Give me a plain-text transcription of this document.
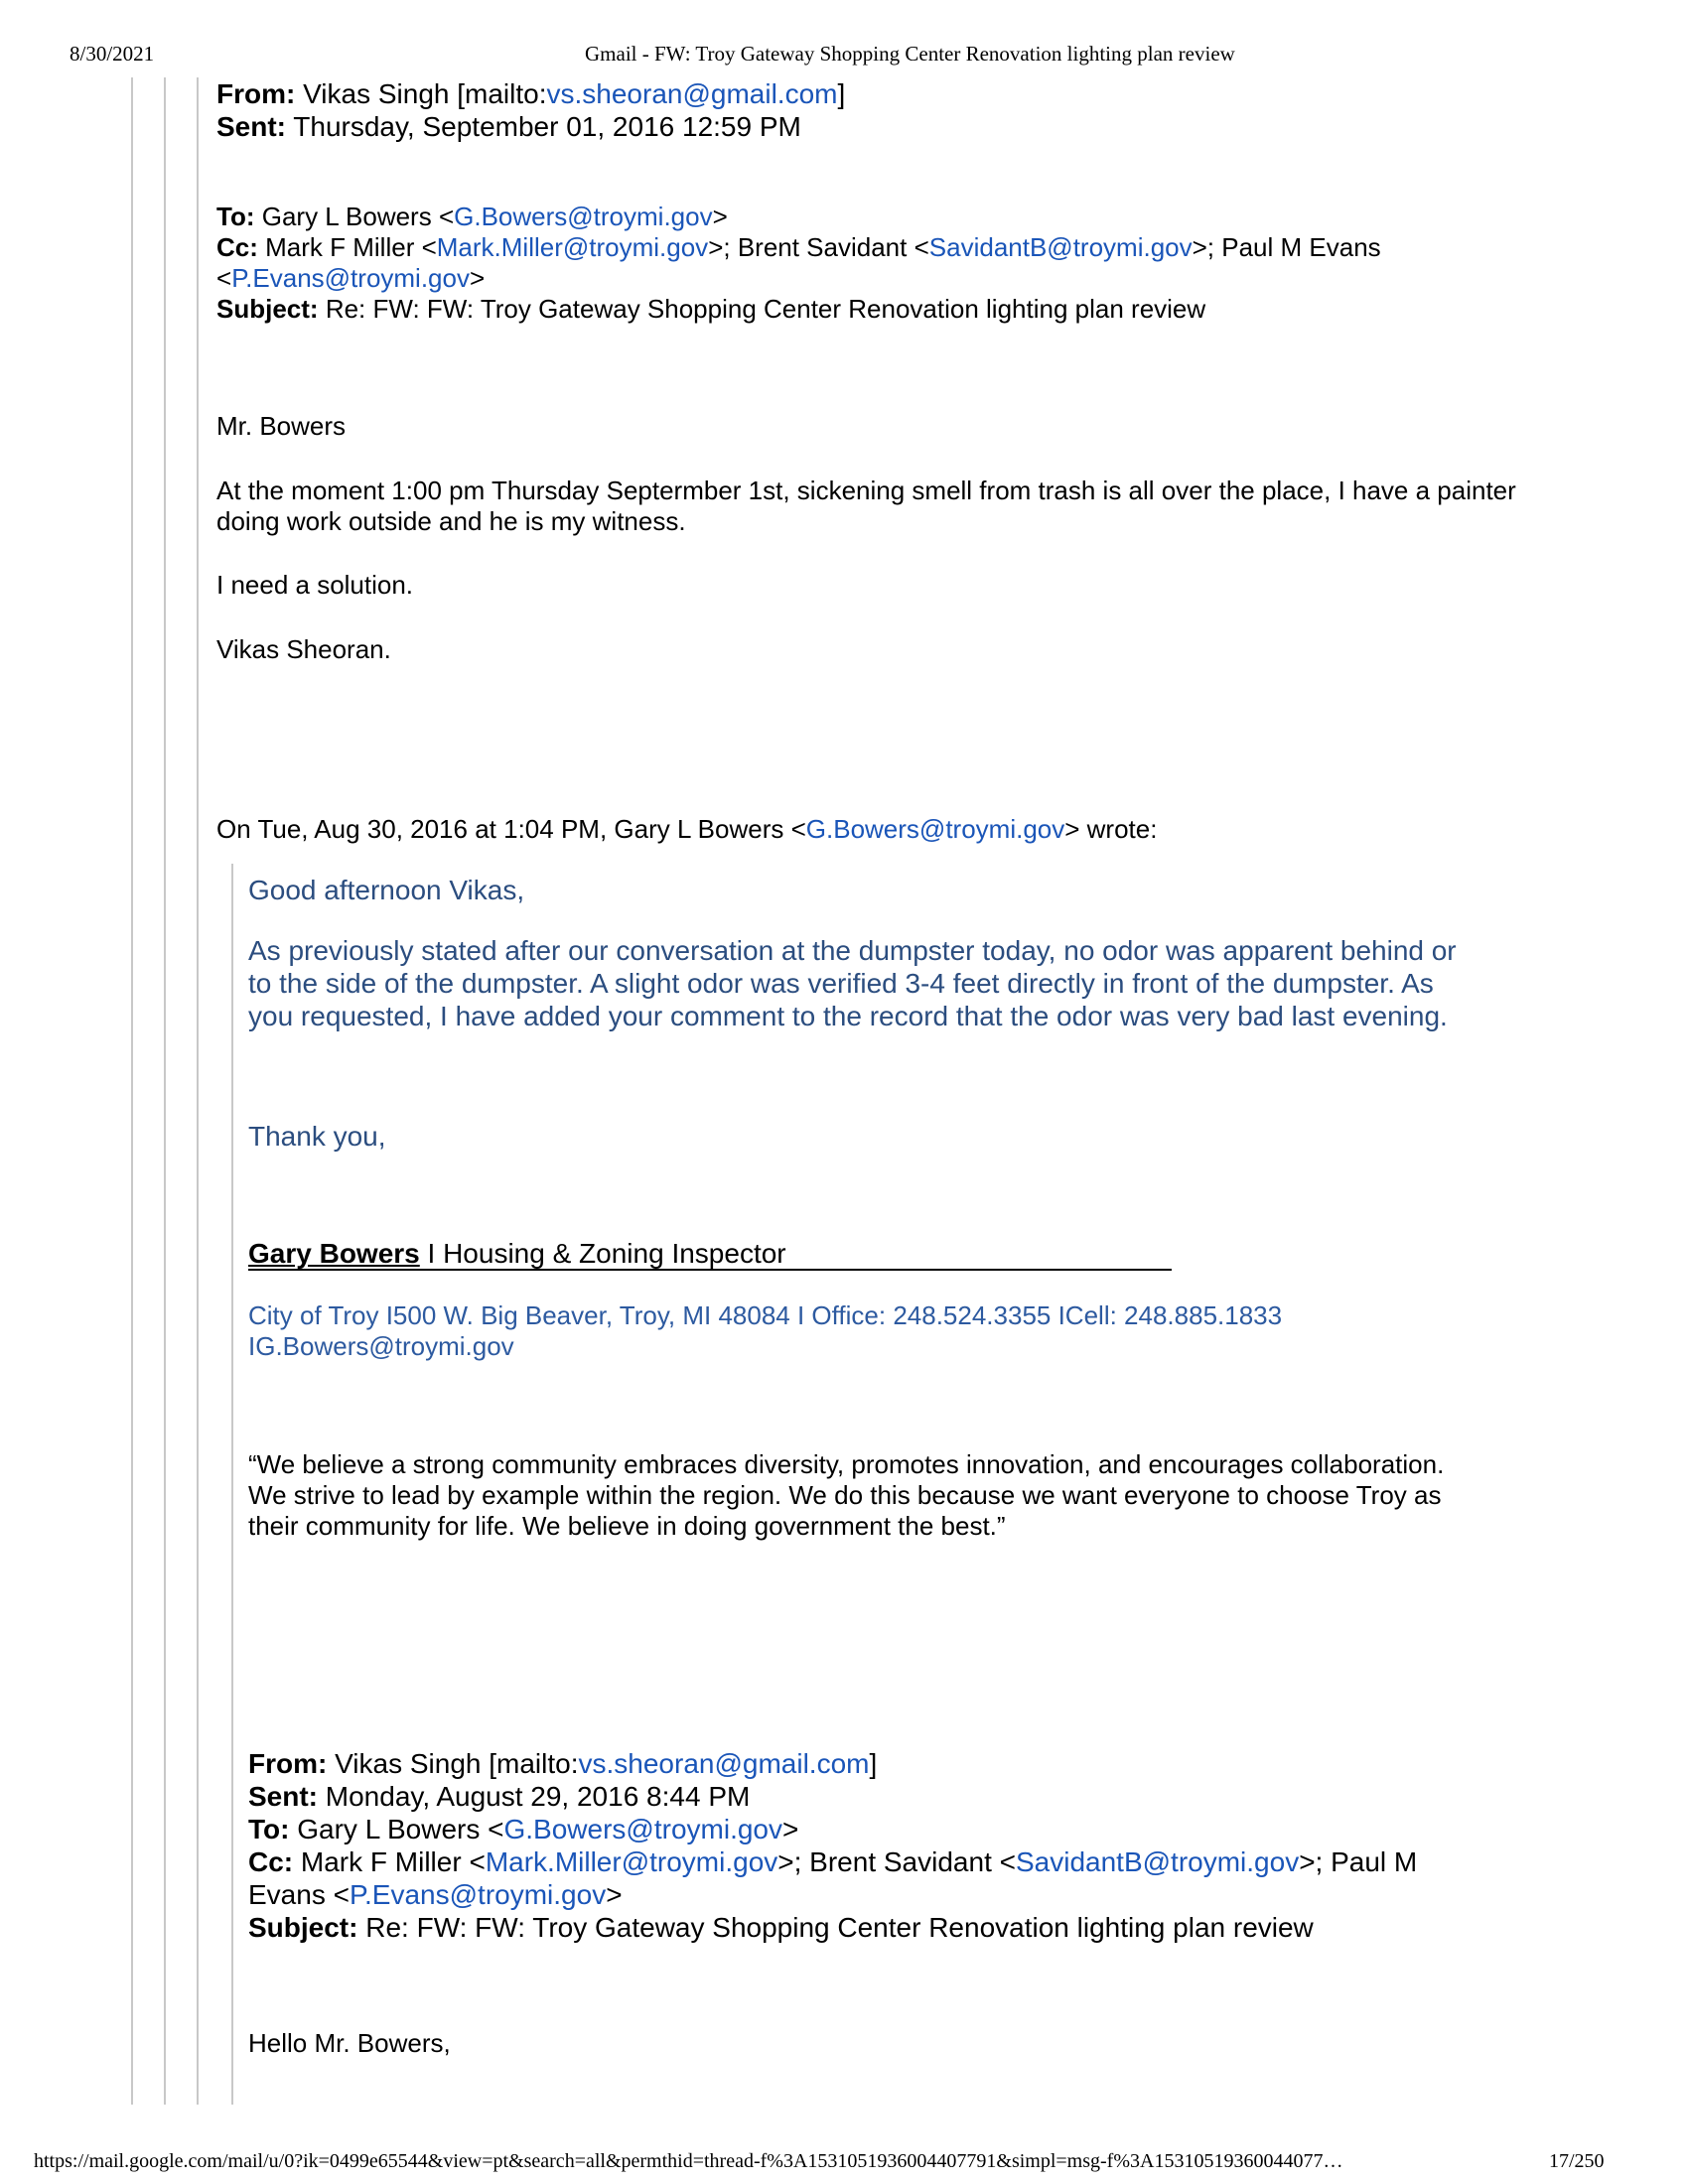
8/30/2021	Gmail - FW: Troy Gateway Shopping Center Renovation lighting plan review
From: Vikas Singh [mailto:vs.sheoran@gmail.com]
Sent: Thursday, September 01, 2016 12:59 PM
To: Gary L Bowers <G.Bowers@troymi.gov>
Cc: Mark F Miller <Mark.Miller@troymi.gov>; Brent Savidant <SavidantB@troymi.gov>; Paul M Evans
<P.Evans@troymi.gov>
Subject: Re: FW: FW: Troy Gateway Shopping Center Renovation lighting plan review
Mr. Bowers
At the moment 1:00 pm Thursday Septermber 1st, sickening smell from trash is all over the place, I have a painter
doing work outside and he is my witness.
I need a solution.
Vikas Sheoran.
On Tue, Aug 30, 2016 at 1:04 PM, Gary L Bowers <G.Bowers@troymi.gov> wrote:
Good afternoon Vikas,
As previously stated after our conversation at the dumpster today, no odor was apparent behind or
to the side of the dumpster. A slight odor was verified 3-4 feet directly in front of the dumpster. As
you requested, I have added your comment to the record that the odor was very bad last evening.
Thank you,
Gary Bowers I Housing & Zoning Inspector
City of Troy I500 W. Big Beaver, Troy, MI 48084 I Office: 248.524.3355 ICell: 248.885.1833
IG.Bowers@troymi.gov
“We believe a strong community embraces diversity, promotes innovation, and encourages collaboration.
We strive to lead by example within the region. We do this because we want everyone to choose Troy as
their community for life. We believe in doing government the best.”
From: Vikas Singh [mailto:vs.sheoran@gmail.com]
Sent: Monday, August 29, 2016 8:44 PM
To: Gary L Bowers <G.Bowers@troymi.gov>
Cc: Mark F Miller <Mark.Miller@troymi.gov>; Brent Savidant <SavidantB@troymi.gov>; Paul M
Evans <P.Evans@troymi.gov>
Subject: Re: FW: FW: Troy Gateway Shopping Center Renovation lighting plan review
Hello Mr. Bowers,
https://mail.google.com/mail/u/0?ik=0499e65544&view=pt&search=all&permthid=thread-f%3A1531051936004407791&simpl=msg-f%3A15310519360044077…	17/250
